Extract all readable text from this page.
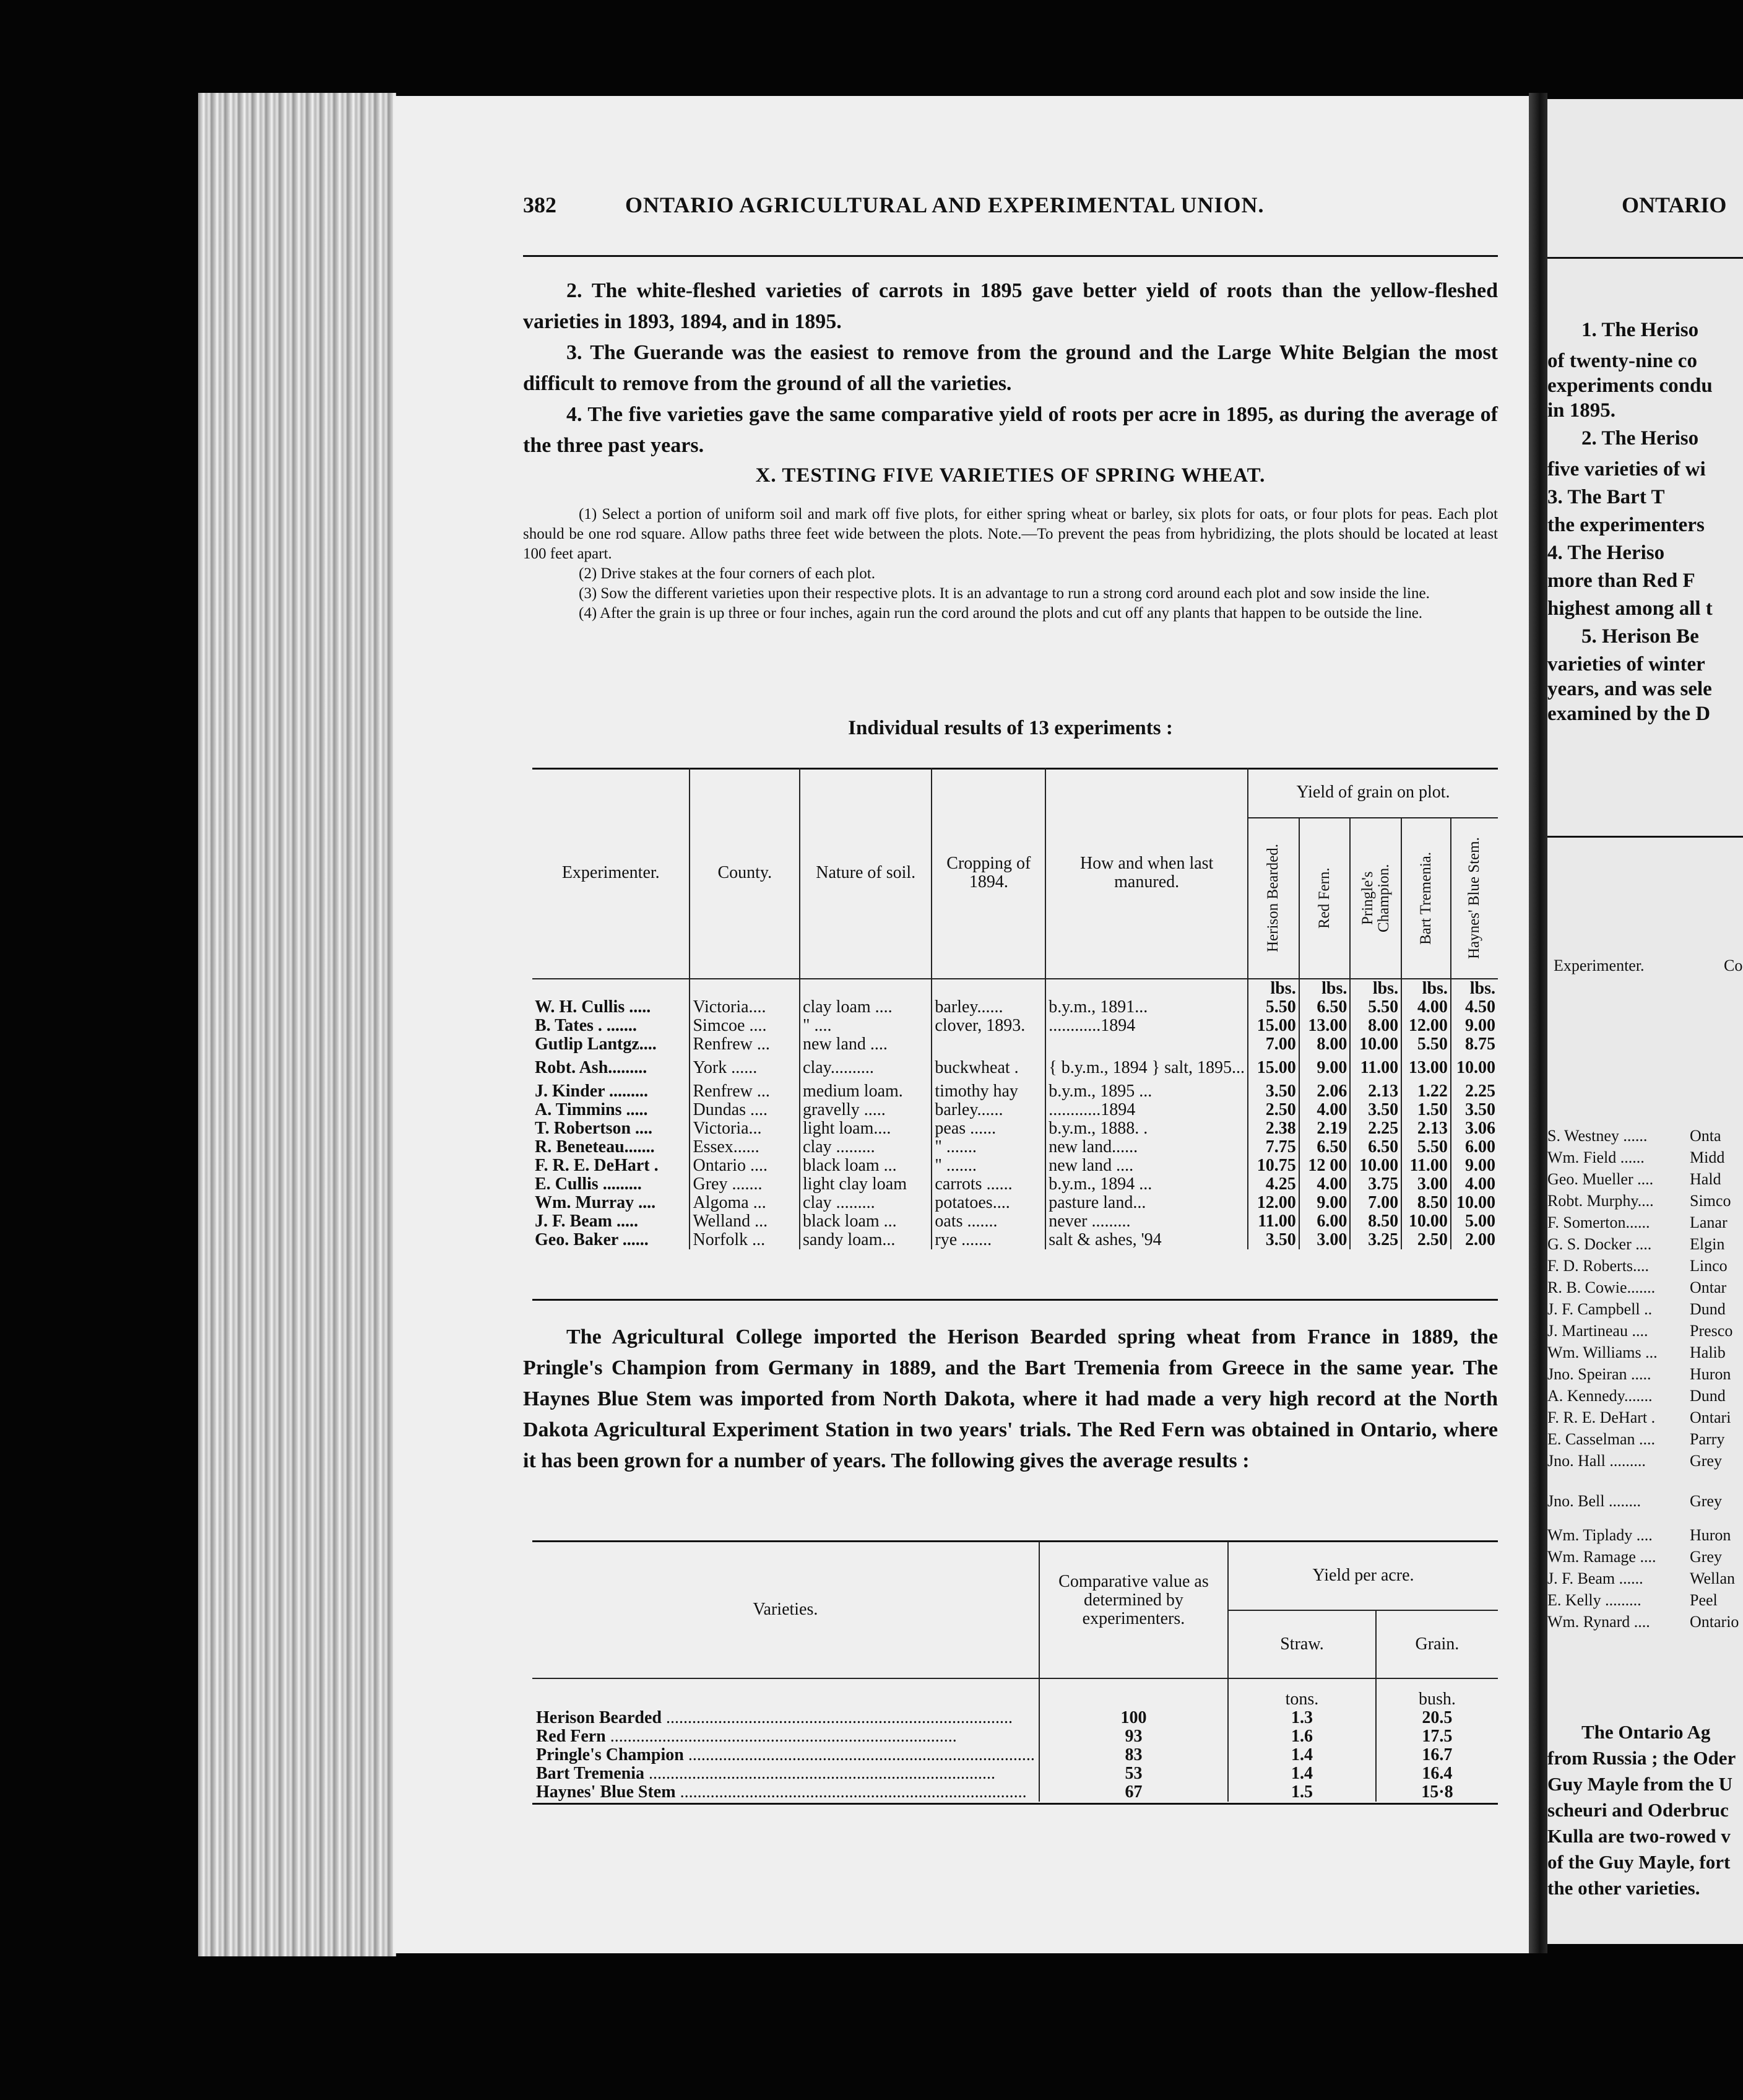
382	ONTARIO AGRICULTURAL AND EXPERIMENTAL UNION.

2. The white-fleshed varieties of carrots in 1895 gave better yield of roots than the yellow-fleshed varieties in 1893, 1894, and in 1895.

3. The Guerande was the easiest to remove from the ground and the Large White Belgian the most difficult to remove from the ground of all the varieties.

4. The five varieties gave the same comparative yield of roots per acre in 1895, as during the average of the three past years.

X. TESTING FIVE VARIETIES OF SPRING WHEAT.

(1) Select a portion of uniform soil and mark off five plots, for either spring wheat or barley, six plots for oats, or four plots for peas. Each plot should be one rod square. Allow paths three feet wide between the plots. Note.—To prevent the peas from hybridizing, the plots should be located at least 100 feet apart.

(2) Drive stakes at the four corners of each plot.

(3) Sow the different varieties upon their respective plots. It is an advantage to run a strong cord around each plot and sow inside the line.

(4) After the grain is up three or four inches, again run the cord around the plots and cut off any plants that happen to be outside the line.

Individual results of 13 experiments :
Experimenter.	County.	Nature of soil.	Cropping of 1894.	How and when last manured.	Yield of grain on plot.				

					Herison Bearded.	Red Fern.	Pringle's Champion.	Bart Tremenia.	Haynes' Blue Stem.

					lbs.	lbs.	lbs.	lbs.	lbs.
W. H. Cullis .....	Victoria....	clay loam ....	barley......	b.y.m., 1891...	5.50	6.50	5.50	4.00	4.50
B. Tates . .......	Simcoe ....	" ....	clover, 1893.	............1894	15.00	13.00	8.00	12.00	9.00
Gutlip Lantgz....	Renfrew ...	new land ....			7.00	8.00	10.00	5.50	8.75
Robt. Ash.........	York ......	clay..........	buckwheat .	{ b.y.m., 1894 } salt, 1895...	15.00	9.00	11.00	13.00	10.00
J. Kinder .........	Renfrew ...	medium loam.	timothy hay	b.y.m., 1895 ...	3.50	2.06	2.13	1.22	2.25
A. Timmins .....	Dundas ....	gravelly .....	barley......	............1894	2.50	4.00	3.50	1.50	3.50
T. Robertson ....	Victoria...	light loam....	peas ......	b.y.m., 1888. .	2.38	2.19	2.25	2.13	3.06
R. Beneteau.......	Essex......	clay .........	" .......	new land......	7.75	6.50	6.50	5.50	6.00
F. R. E. DeHart .	Ontario ....	black loam ...	" .......	new land ....	10.75	12 00	10.00	11.00	9.00
E. Cullis .........	Grey .......	light clay loam	carrots ......	b.y.m., 1894 ...	4.25	4.00	3.75	3.00	4.00
Wm. Murray ....	Algoma ...	clay .........	potatoes....	pasture land...	12.00	9.00	7.00	8.50	10.00
J. F. Beam .....	Welland ...	black loam ...	oats .......	never .........	11.00	6.00	8.50	10.00	5.00
Geo. Baker ......	Norfolk ...	sandy loam...	rye .......	salt & ashes, '94	3.50	3.00	3.25	2.50	2.00

The Agricultural College imported the Herison Bearded spring wheat from France in 1889, the Pringle's Champion from Germany in 1889, and the Bart Tremenia from Greece in the same year. The Haynes Blue Stem was imported from North Dakota, where it had made a very high record at the North Dakota Agricultural Experiment Station in two years' trials. The Red Fern was obtained in Ontario, where it has been grown for a number of years. The following gives the average results :

Varieties.	Comparative value as determined by experimenters.	Yield per acre.	
		Straw.	Grain.
		tons.	bush.
Herison Bearded ................................................................................	100	1.3	20.5
Red Fern ................................................................................	93	1.6	17.5
Pringle's Champion ................................................................................	83	1.4	16.7
Bart Tremenia ................................................................................	53	1.4	16.4
Haynes' Blue Stem ................................................................................	67	1.5	15·8
ONTARIO
1. The Heriso
of twenty-nine co
experiments condu
in 1895.
2. The Heriso
five varieties of wi
3. The Bart T
the experimenters
4. The Heriso
more than Red F
highest among all t
5. Herison Be
varieties of winter
years, and was sele
examined by the D
Experimenter.	Co
S. Westney ......	Onta
Wm. Field ......	Midd
Geo. Mueller .... Hald
Robt. Murphy.... Simco
F. Somerton...... Lanar
G. S. Docker .... Elgin
F. D. Roberts....	Linco
R. B. Cowie....... Ontar
J. F. Campbell .. Dund
J. Martineau ....	Presco
Wm. Williams ... Halib
Jno. Speiran ..... Huron
A. Kennedy....... Dund
F. R. E. DeHart . Ontari
E. Casselman .... Parry
Jno. Hall .........	Grey
Jno. Bell ........	Grey
Wm. Tiplady .... Huron
Wm. Ramage .... Grey
J. F. Beam ......	Wellan
E. Kelly .........	Peel
Wm. Rynard .... Ontario
The Ontario Ag
from Russia ; the Oder
Guy Mayle from the U
scheuri and Oderbruc
Kulla are two-rowed v
of the Guy Mayle, fort
the other varieties.
